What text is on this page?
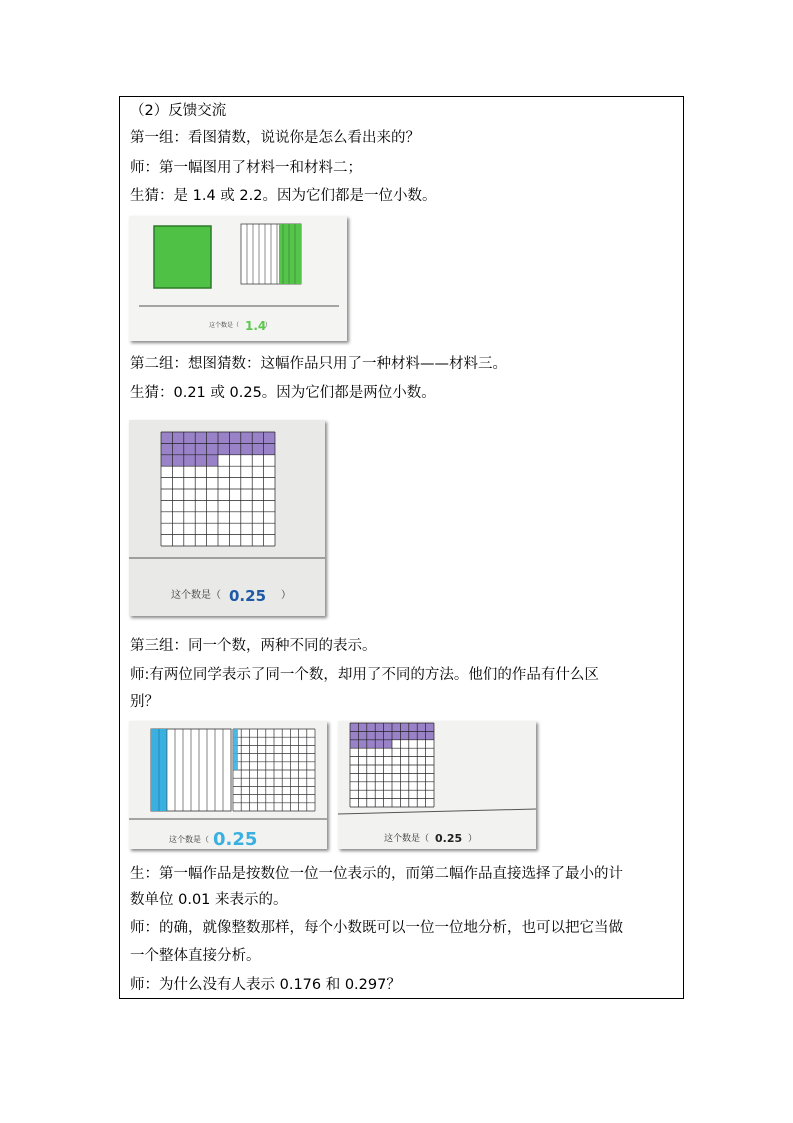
（2）反馈交流
第一组：看图猜数，说说你是怎么看出来的？
师：第一幅图用了材料一和材料二；
生猜：是 1.4 或 2.2。因为它们都是一位小数。
这个数是（ 1.4
）
第二组：想图猜数：这幅作品只用了一种材料——材料三。
生猜：0.21 或 0.25。因为它们都是两位小数。
这个数是（ 0.25 ）
第三组：同一个数，两种不同的表示。
师:有两位同学表示了同一个数，却用了不同的方法。他们的作品有什么区
别？
这个数是（ 0.25	这个数是（ 0.25 ）
生：第一幅作品是按数位一位一位表示的，而第二幅作品直接选择了最小的计
数单位 0.01 来表示的。
师：的确，就像整数那样，每个小数既可以一位一位地分析，也可以把它当做
一个整体直接分析。
师：为什么没有人表示 0.176 和 0.297？
